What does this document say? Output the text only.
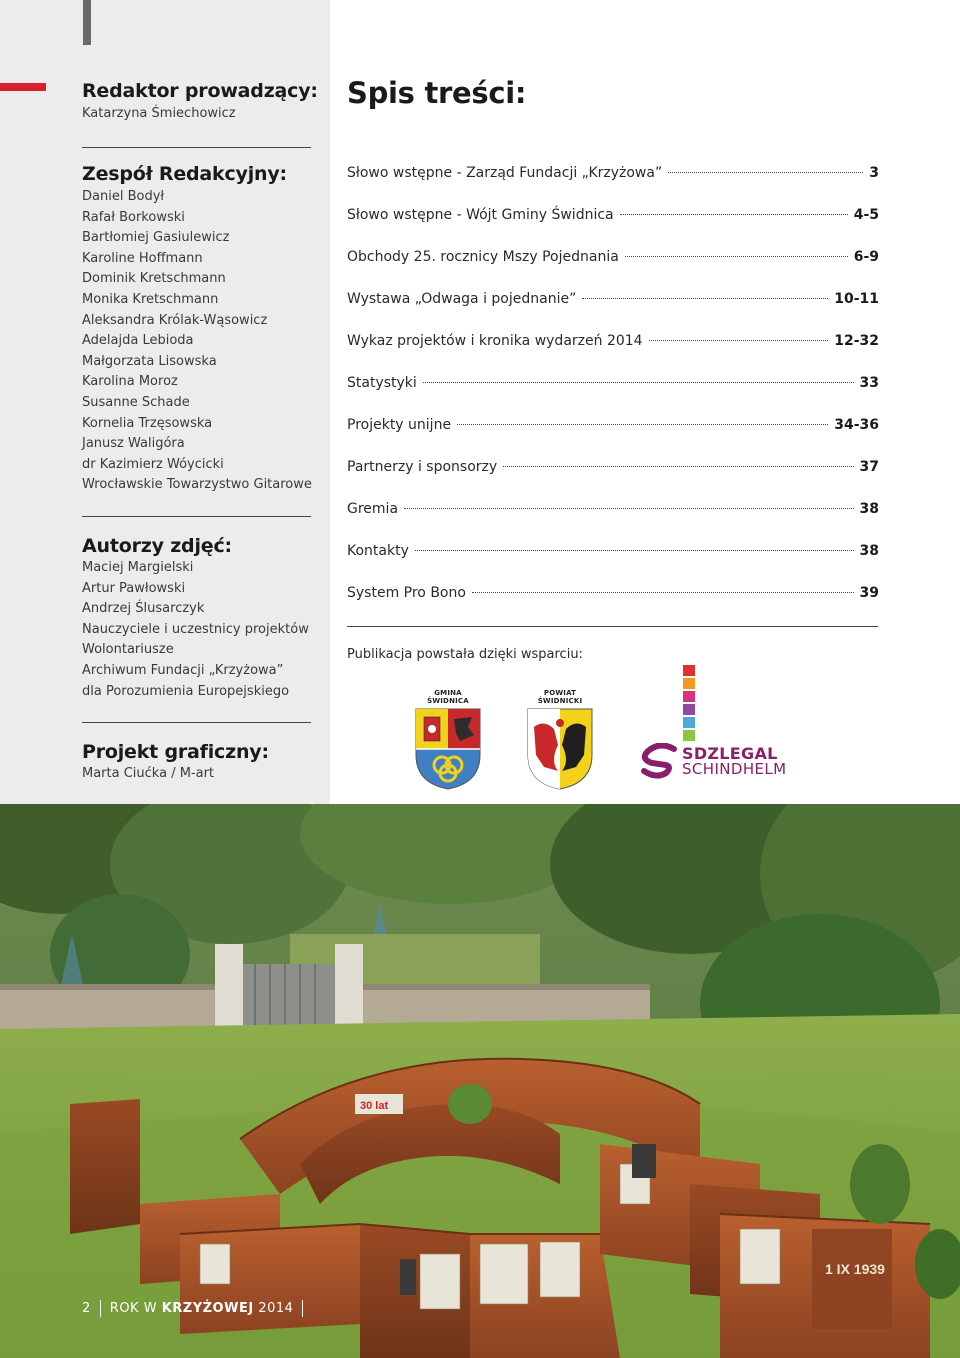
Redaktor prowadzący:
Katarzyna Śmiechowicz
Zespół Redakcyjny:
Daniel Bodył
Rafał Borkowski
Bartłomiej Gasiulewicz
Karoline Hoffmann
Dominik Kretschmann
Monika Kretschmann
Aleksandra Królak-Wąsowicz
Adelajda Lebioda
Małgorzata Lisowska
Karolina Moroz
Susanne Schade
Kornelia Trzęsowska
Janusz Waligóra
dr Kazimierz Wóycicki
Wrocławskie Towarzystwo Gitarowe
Autorzy zdjęć:
Maciej Margielski
Artur Pawłowski
Andrzej Ślusarczyk
Nauczyciele i uczestnicy projektów
Wolontariusze
Archiwum Fundacji „Krzyżowa”
dla Porozumienia Europejskiego
Projekt graficzny:
Marta Ciućka / M-art
Spis treści:
Słowo wstępne - Zarząd Fundacji „Krzyżowa”	3
Słowo wstępne - Wójt Gminy Świdnica	4-5
Obchody 25. rocznicy Mszy Pojednania	6-9
Wystawa „Odwaga i pojednanie”	10-11
Wykaz projektów i kronika wydarzeń 2014	12-32
Statystyki	33
Projekty unijne	34-36
Partnerzy i sponsorzy	37
Gremia	38
Kontakty	38
System Pro Bono	39
Publikacja powstała dzięki wsparciu:
GMINA ŚWIDNICA
POWIAT ŚWIDNICKI
SDZLEGAL
SCHINDHELM
30 lat
1 IX 1939
2 ROK W
KRZYŻOWEJ
2014
